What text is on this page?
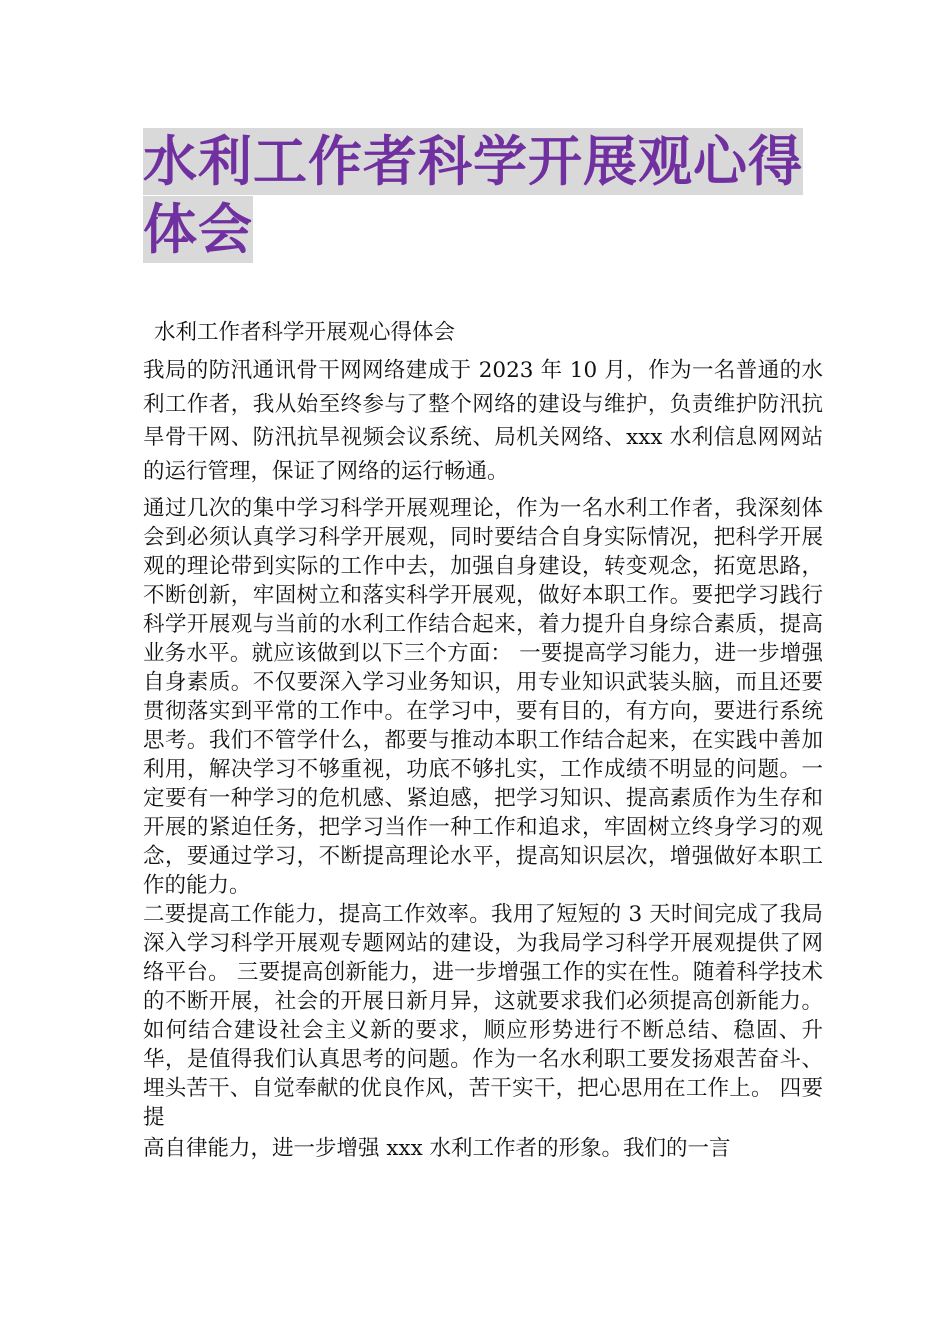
水利工作者科学开展观心得体会

水利工作者科学开展观心得体会

我局的防汛通讯骨干网网络建成于 2023 年 10 月，作为一名普通的水利工作者，我从始至终参与了整个网络的建设与维护，负责维护防汛抗旱骨干网、防汛抗旱视频会议系统、局机关网络、xxx 水利信息网网站的运行管理，保证了网络的运行畅通。

通过几次的集中学习科学开展观理论，作为一名水利工作者，我深刻体会到必须认真学习科学开展观，同时要结合自身实际情况，把科学开展观的理论带到实际的工作中去，加强自身建设，转变观念，拓宽思路，不断创新，牢固树立和落实科学开展观，做好本职工作。要把学习践行科学开展观与当前的水利工作结合起来，着力提升自身综合素质，提高业务水平。就应该做到以下三个方面： 一要提高学习能力，进一步增强自身素质。不仅要深入学习业务知识，用专业知识武装头脑，而且还要贯彻落实到平常的工作中。在学习中，要有目的，有方向，要进行系统思考。我们不管学什么，都要与推动本职工作结合起来，在实践中善加利用，解决学习不够重视，功底不够扎实，工作成绩不明显的问题。一定要有一种学习的危机感、紧迫感，把学习知识、提高素质作为生存和开展的紧迫任务，把学习当作一种工作和追求，牢固树立终身学习的观念，要通过学习，不断提高理论水平，提高知识层次，增强做好本职工作的能力。

二要提高工作能力，提高工作效率。我用了短短的 3 天时间完成了我局深入学习科学开展观专题网站的建设，为我局学习科学开展观提供了网络平台。 三要提高创新能力，进一步增强工作的实在性。随着科学技术的不断开展，社会的开展日新月异，这就要求我们必须提高创新能力。如何结合建设社会主义新的要求，顺应形势进行不断总结、稳固、升华，是值得我们认真思考的问题。作为一名水利职工要发扬艰苦奋斗、埋头苦干、自觉奉献的优良作风，苦干实干，把心思用在工作上。 四要提

高自律能力，进一步增强 xxx 水利工作者的形象。我们的一言
